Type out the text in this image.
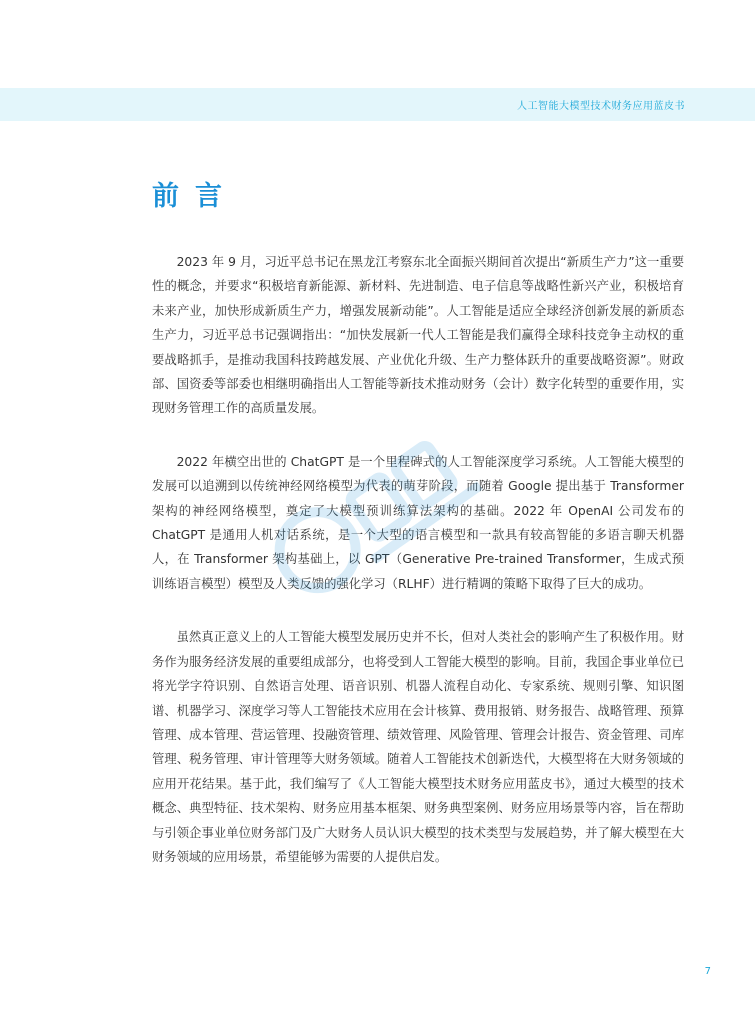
人工智能大模型技术财务应用蓝皮书
前言

2023 年 9 月，习近平总书记在黑龙江考察东北全面振兴期间首次提出“新质生产力”这一重要性的概念，并要求“积极培育新能源、新材料、先进制造、电子信息等战略性新兴产业，积极培育未来产业，加快形成新质生产力，增强发展新动能”。人工智能是适应全球经济创新发展的新质态生产力，习近平总书记强调指出：“加快发展新一代人工智能是我们赢得全球科技竞争主动权的重要战略抓手，是推动我国科技跨越发展、产业优化升级、生产力整体跃升的重要战略资源”。财政部、国资委等部委也相继明确指出人工智能等新技术推动财务（会计）数字化转型的重要作用，实现财务管理工作的高质量发展。

2022 年横空出世的 ChatGPT 是一个里程碑式的人工智能深度学习系统。人工智能大模型的发展可以追溯到以传统神经网络模型为代表的萌芽阶段，而随着 Google 提出基于 Transformer 架构的神经网络模型，奠定了大模型预训练算法架构的基础。2022 年 OpenAI 公司发布的 ChatGPT 是通用人机对话系统，是一个大型的语言模型和一款具有较高智能的多语言聊天机器人，在 Transformer 架构基础上，以 GPT（Generative Pre-trained Transformer，生成式预训练语言模型）模型及人类反馈的强化学习（RLHF）进行精调的策略下取得了巨大的成功。

虽然真正意义上的人工智能大模型发展历史并不长，但对人类社会的影响产生了积极作用。财务作为服务经济发展的重要组成部分，也将受到人工智能大模型的影响。目前，我国企事业单位已将光学字符识别、自然语言处理、语音识别、机器人流程自动化、专家系统、规则引擎、知识图谱、机器学习、深度学习等人工智能技术应用在会计核算、费用报销、财务报告、战略管理、预算管理、成本管理、营运管理、投融资管理、绩效管理、风险管理、管理会计报告、资金管理、司库管理、税务管理、审计管理等大财务领域。随着人工智能技术创新迭代，大模型将在大财务领域的应用开花结果。基于此，我们编写了《人工智能大模型技术财务应用蓝皮书》，通过大模型的技术概念、典型特征、技术架构、财务应用基本框架、财务典型案例、财务应用场景等内容，旨在帮助与引领企事业单位财务部门及广大财务人员认识大模型的技术类型与发展趋势，并了解大模型在大财务领域的应用场景，希望能够为需要的人提供启发。

7
